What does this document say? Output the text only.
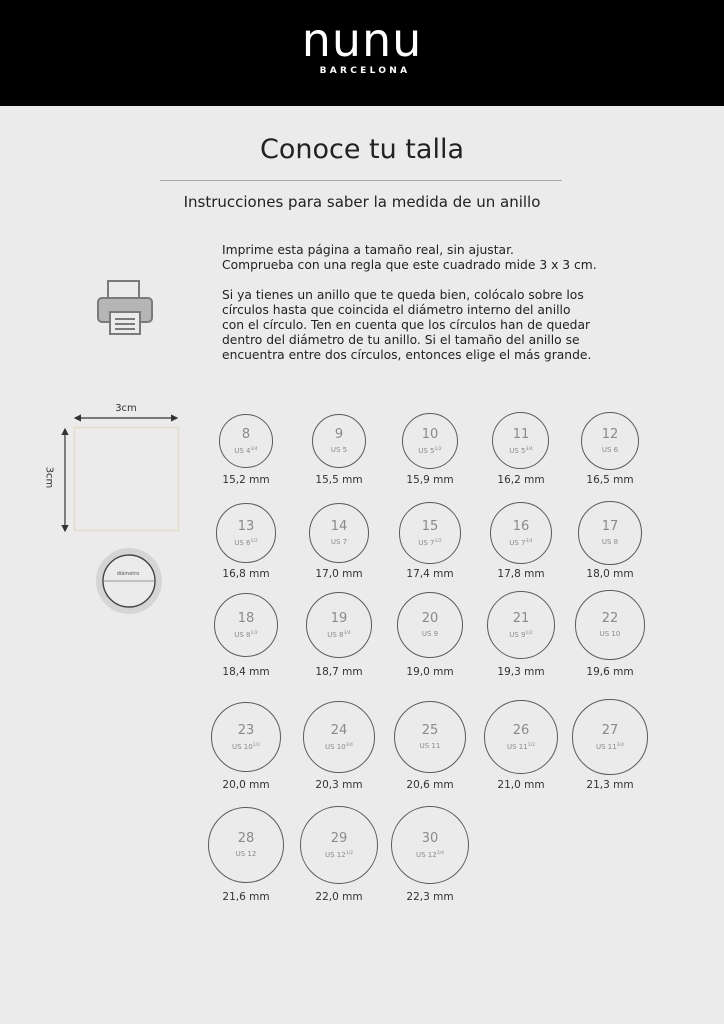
nunu
BARCELONA
Conoce tu talla
Instrucciones para saber la medida de un anillo

Imprime esta página a tamaño real, sin ajustar.
Comprueba con una regla que este cuadrado mide 3 x 3 cm.

Si ya tienes un anillo que te queda bien, colócalo sobre los
círculos hasta que coincida el diámetro interno del anillo
con el círculo. Ten en cuenta que los círculos han de quedar
dentro del diámetro de tu anillo. Si el tamaño del anillo se
encuentra entre dos círculos, entonces elige el más grande.

3cm
3cm
diámetro
8
US $4^{3/4}$
15,2 mm
9
US 5
15,5 mm
10
US $5^{1/2}$
15,9 mm
11
US $5^{3/4}$
16,2 mm
12
US 6
16,5 mm
13
US $6^{1/2}$
16,8 mm
14
US 7
17,0 mm
15
US $7^{1/2}$
17,4 mm
16
US $7^{3/4}$
17,8 mm
17
US 8
18,0 mm
18
US $8^{1/2}$
18,4 mm
19
US $8^{3/4}$
18,7 mm
20
US 9
19,0 mm
21
US $9^{1/2}$
19,3 mm
22
US 10
19,6 mm
23
US $10^{1/2}$
20,0 mm
24
US $10^{3/4}$
20,3 mm
25
US 11
20,6 mm
26
US $11^{1/2}$
21,0 mm
27
US $11^{3/4}$
21,3 mm
28
US 12
21,6 mm
29
US $12^{1/2}$
22,0 mm
30
US $12^{3/4}$
22,3 mm
